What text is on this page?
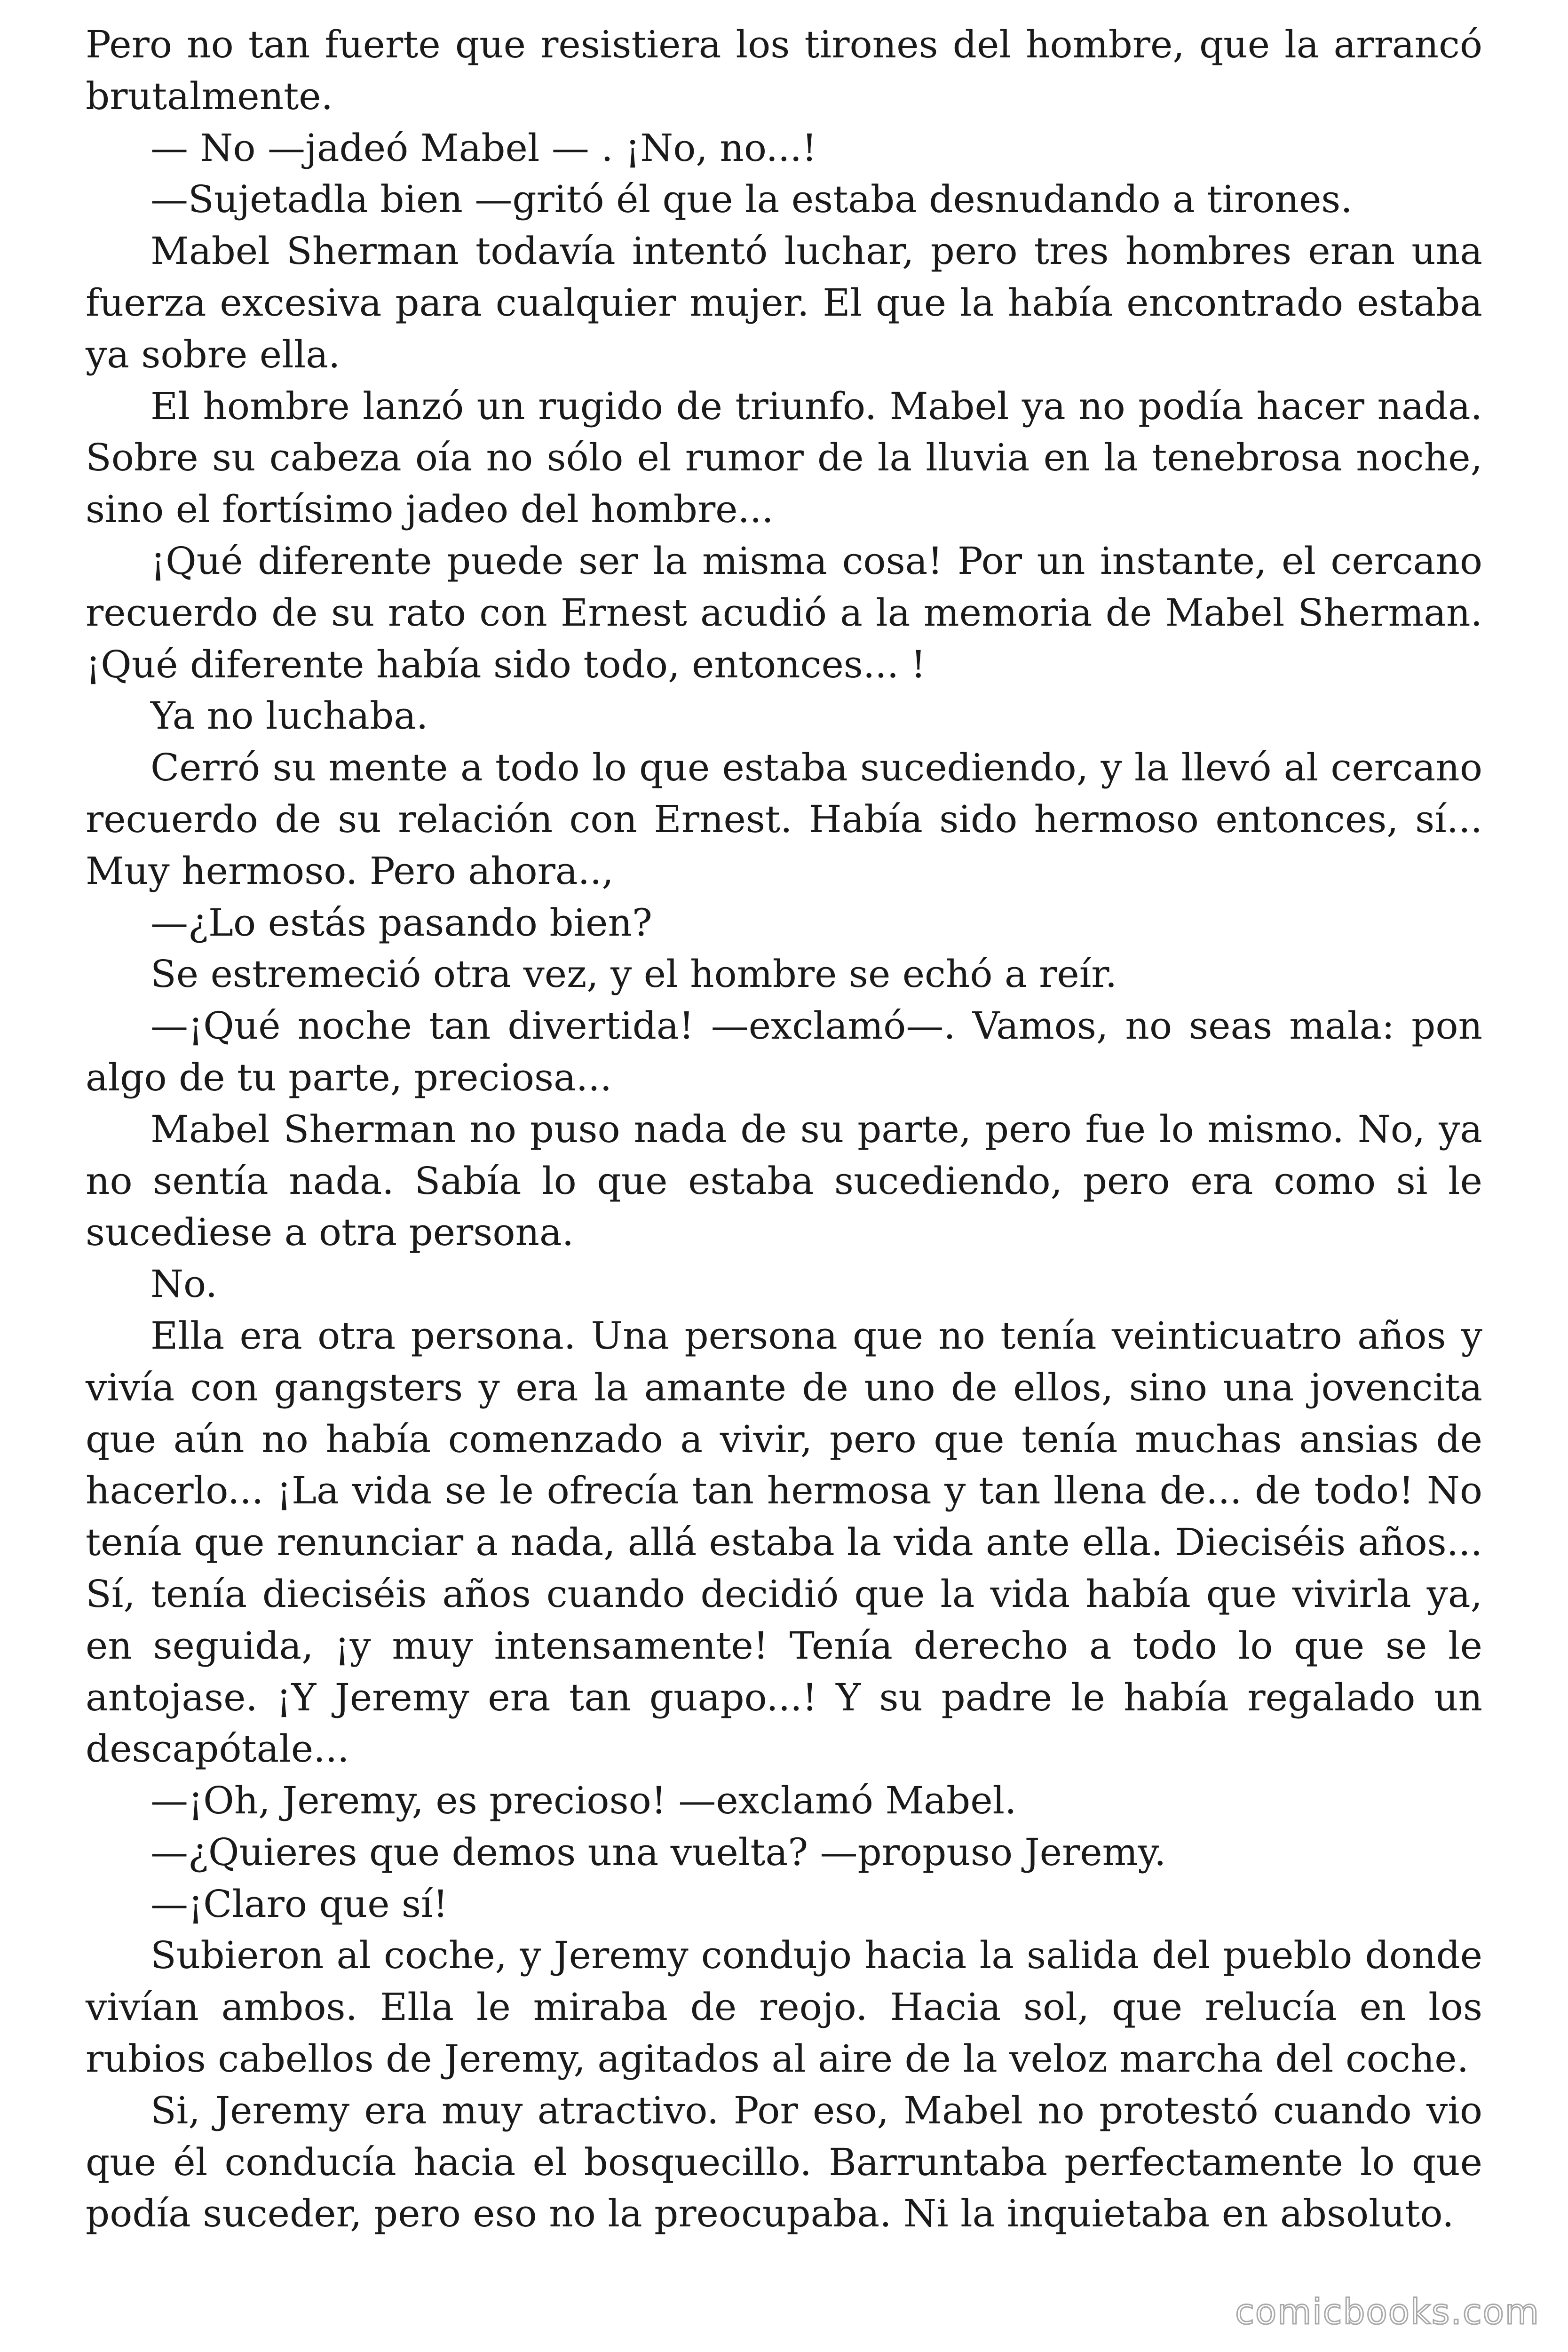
Pero no tan fuerte que resistiera los tirones del hombre, que la arrancó brutalmente.

— No —jadeó Mabel — . ¡No, no...!

—Sujetadla bien —gritó él que la estaba desnudando a tirones.

Mabel Sherman todavía intentó luchar, pero tres hombres eran una fuerza excesiva para cualquier mujer. El que la había encontrado estaba ya sobre ella.

El hombre lanzó un rugido de triunfo. Mabel ya no podía hacer nada. Sobre su cabeza oía no sólo el rumor de la lluvia en la tenebrosa noche, sino el fortísimo jadeo del hombre...

¡Qué diferente puede ser la misma cosa! Por un instante, el cercano recuerdo de su rato con Ernest acudió a la memoria de Mabel Sherman. ¡Qué diferente había sido todo, entonces... !

Ya no luchaba.

Cerró su mente a todo lo que estaba sucediendo, y la llevó al cercano recuerdo de su relación con Ernest. Había sido hermoso entonces, sí... Muy hermoso. Pero ahora..,

—¿Lo estás pasando bien?

Se estremeció otra vez, y el hombre se echó a reír.

—¡Qué noche tan divertida! —exclamó—. Vamos, no seas mala: pon algo de tu parte, preciosa...

Mabel Sherman no puso nada de su parte, pero fue lo mismo. No, ya no sentía nada. Sabía lo que estaba sucediendo, pero era como si le sucediese a otra persona.

No.

Ella era otra persona. Una persona que no tenía veinticuatro años y vivía con gangsters y era la amante de uno de ellos, sino una jovencita que aún no había comenzado a vivir, pero que tenía muchas ansias de hacerlo... ¡La vida se le ofrecía tan hermosa y tan llena de... de todo! No tenía que renunciar a nada, allá estaba la vida ante ella. Dieciséis años... Sí, tenía dieciséis años cuando decidió que la vida había que vivirla ya, en seguida, ¡y muy intensamente! Tenía derecho a todo lo que se le antojase. ¡Y Jeremy era tan guapo...! Y su padre le había regalado un descapótale...

—¡Oh, Jeremy, es precioso! —exclamó Mabel.

—¿Quieres que demos una vuelta? —propuso Jeremy.

—¡Claro que sí!

Subieron al coche, y Jeremy condujo hacia la salida del pueblo donde vivían ambos. Ella le miraba de reojo. Hacia sol, que relucía en los rubios cabellos de Jeremy, agitados al aire de la veloz marcha del coche.

Si, Jeremy era muy atractivo. Por eso, Mabel no protestó cuando vio que él conducía hacia el bosquecillo. Barruntaba perfectamente lo que podía suceder, pero eso no la preocupaba. Ni la inquietaba en absoluto.

comicbooks.com
